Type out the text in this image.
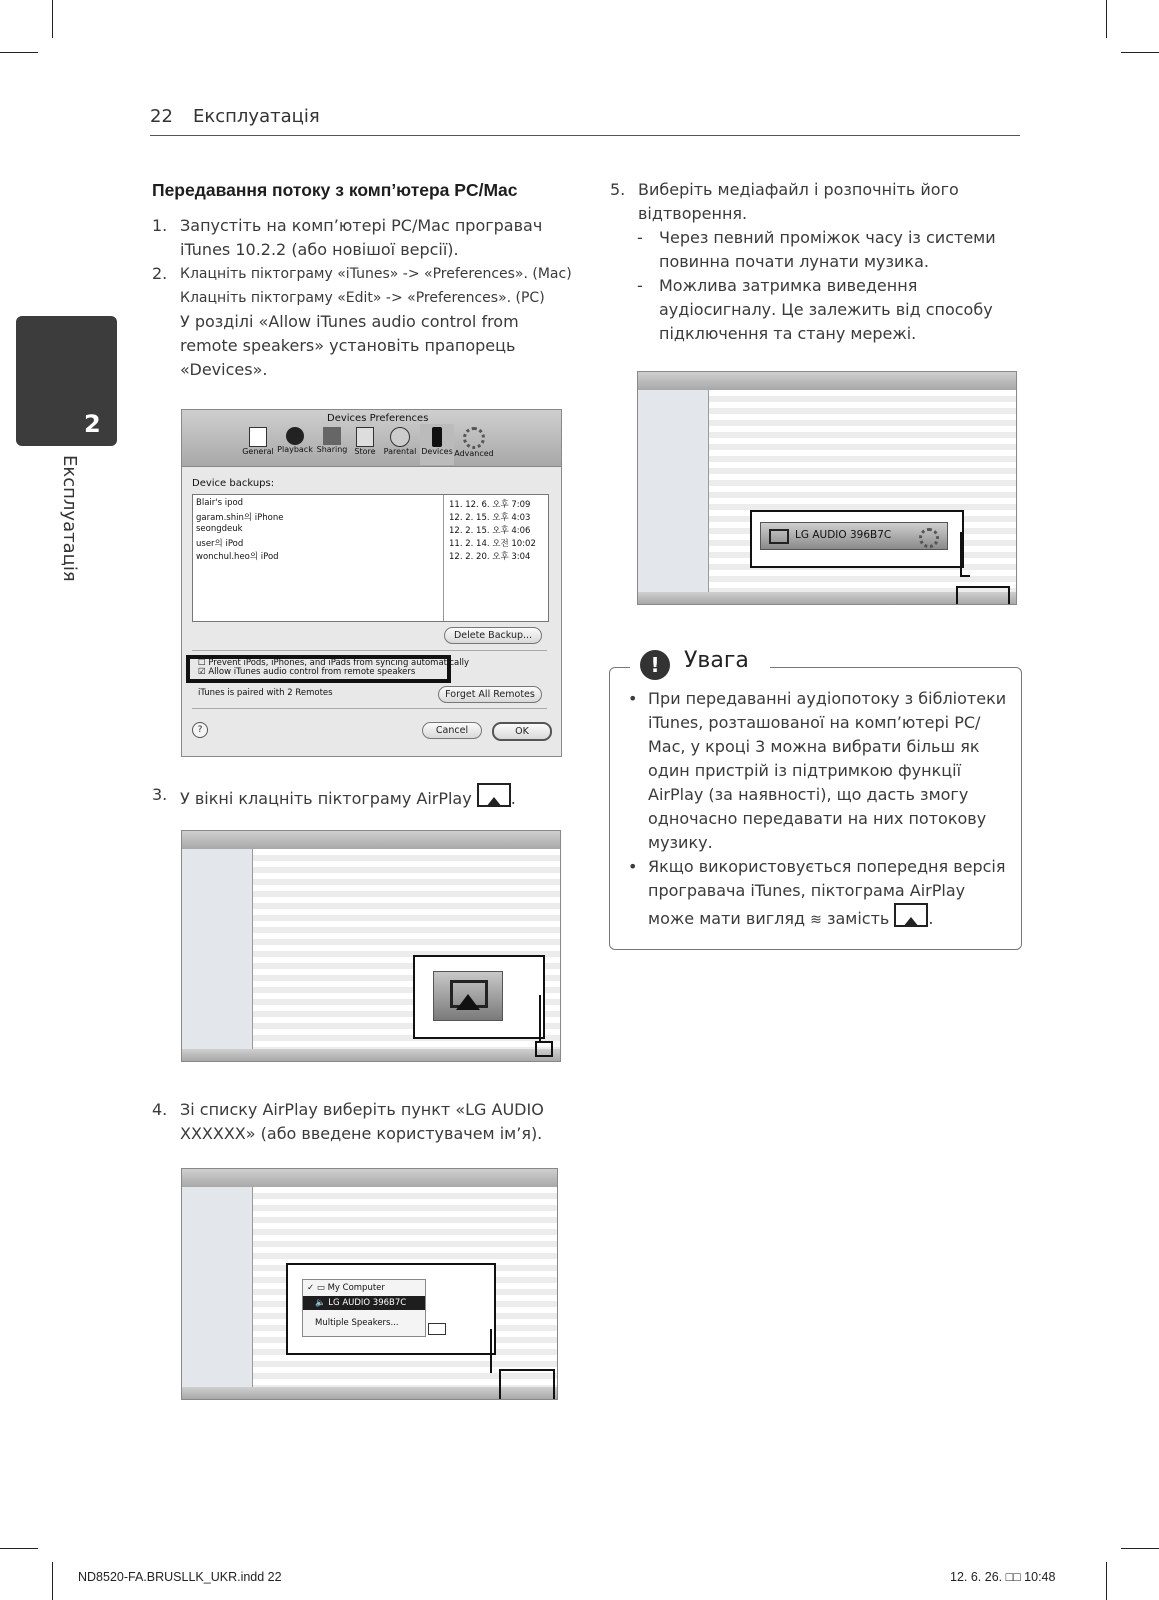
22 Експлуатація
2
Експлуатація
Передавання потоку з комп’ютера PC/Mac
1. Запустіть на комп’ютері PC/Mac програвач
iTunes 10.2.2 (або новішої версії).
2. Клацніть піктограму «iTunes» -> «Preferences». (Mac)
Клацніть піктограму «Edit» -> «Preferences». (PC)
У розділі «Allow iTunes audio control from
remote speakers» установіть прапорець
«Devices».
Devices Preferences
General Playback Sharing Store	Parental Devices Advanced
Device backups:
Blair's ipod	11. 12. 6. 오후 7:09
garam.shin의 iPhone	12. 2. 15. 오후 4:03
seongdeuk	12. 2. 15. 오후 4:06
user의 iPod	11. 2. 14. 오전 10:02
wonchul.heo의 iPod	12. 2. 20. 오후 3:04
Delete Backup...
☐ Prevent iPods, iPhones, and iPads from syncing automatically
☑ Allow iTunes audio control from remote speakers
iTunes is paired with 2 Remotes	Forget All Remotes
?	Cancel	OK
3. У вікні клацніть піктограму AirPlay .
4. Зі списку AirPlay виберіть пункт «LG AUDIO
XXXXXX» (або введене користувачем ім’я).
✓ ▭ My Computer
🔈 LG AUDIO 396B7C
Multiple Speakers...
5. Виберіть медіафайл і розпочніть його
відтворення.
- Через певний проміжок часу із системи
повинна почати лунати музика.
- Можлива затримка виведення
аудіосигналу. Це залежить від способу
підключення та стану мережі.
LG AUDIO 396B7C
!	Увага
• При передаванні аудіопотоку з бібліотеки
iTunes, розташованої на комп’ютері PC/
Mac, у кроці 3 можна вибрати більш як
один пристрій із підтримкою функції
AirPlay (за наявності), що дасть змогу
одночасно передавати на них потокову
музику.
• Якщо використовується попередня версія
програвача iTunes, піктограма AirPlay
може мати вигляд ≋ замість .
ND8520-FA.BRUSLLK_UKR.indd 22	12. 6. 26. □□ 10:48
